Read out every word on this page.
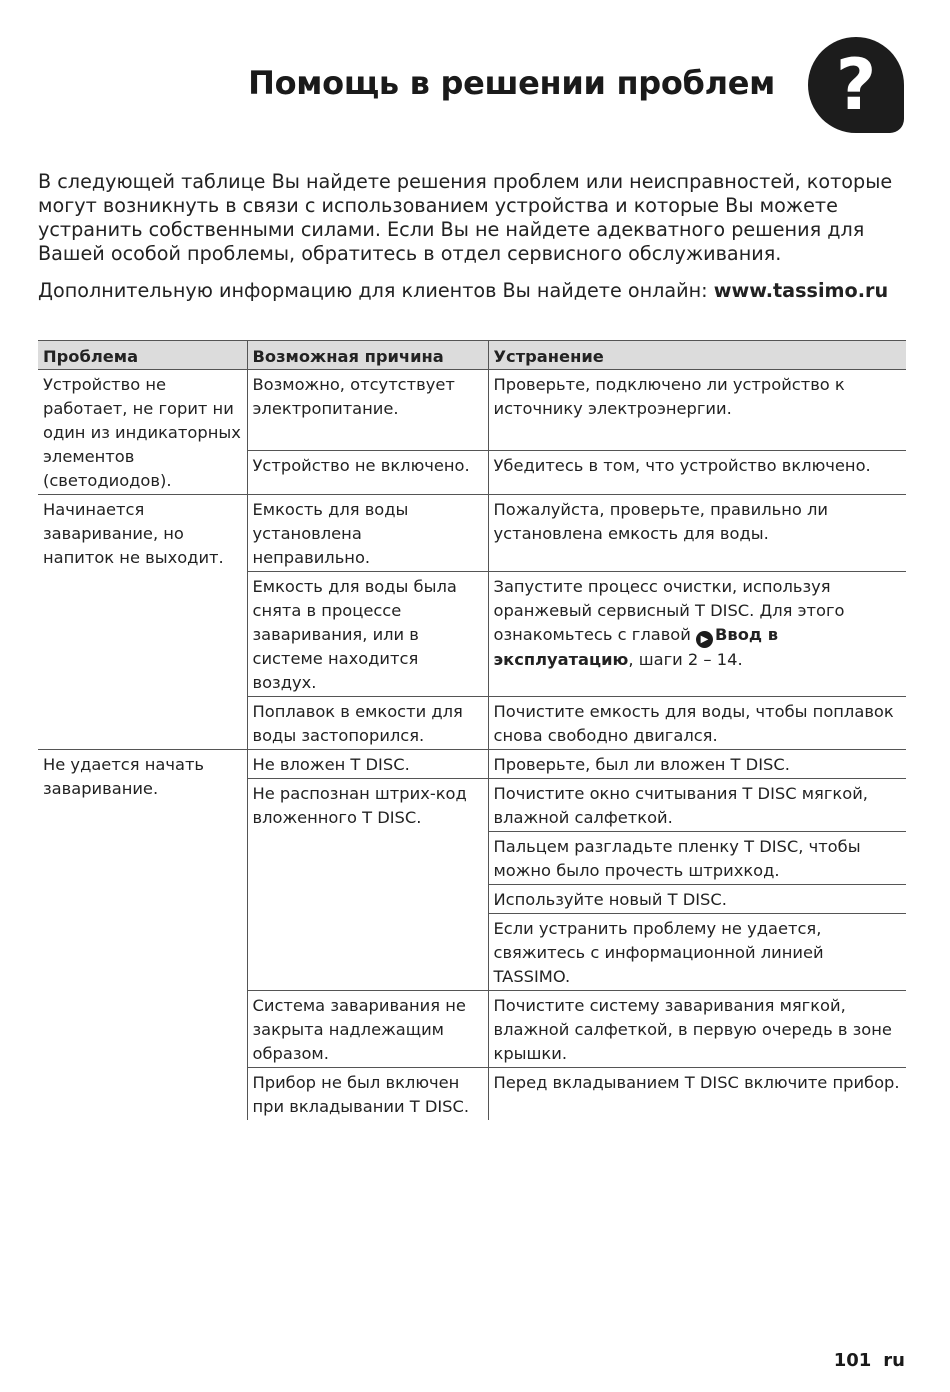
Помощь в решении проблем ?

В следующей таблице Вы найдете решения проблем или неисправностей, которые могут возникнуть в связи с использованием устройства и которые Вы можете устранить собственными силами. Если Вы не найдете адекватного решения для Вашей особой проблемы, обратитесь в отдел сервисного обслуживания.

Дополнительную информацию для клиентов Вы найдете онлайн: www.tassimo.ru
Проблема	Возможная причина	Устранение
Устройство не работает, не горит ни один из индикаторных элементов (светодиодов).	Возможно, отсутствует электропитание.	Проверьте, подключено ли устройство к источнику электроэнергии.
	Устройство не включено.	Убедитесь в том, что устройство включено.
Начинается заваривание, но напиток не выходит.	Емкость для воды установлена неправильно.	Пожалуйста, проверьте, правильно ли установлена емкость для воды.
	Емкость для воды была снята в процессе заваривания, или в системе находится воздух.	Запустите процесс очистки, используя оранжевый сервисный T DISC. Для этого ознакомьтесь с главой ▶ Ввод в эксплуатацию, шаги 2 – 14.
	Поплавок в емкости для воды застопорился.	Почистите емкость для воды, чтобы поплавок снова свободно двигался.
Не удается начать заваривание.	Не вложен T DISC.	Проверьте, был ли вложен T DISC.
	Не распознан штрих-код вложенного T DISC.	Почистите окно считывания T DISC мягкой, влажной салфеткой.
		Пальцем разгладьте пленку T DISC, чтобы можно было прочесть штрихкод.
		Используйте новый T DISC.
		Если устранить проблему не удается, свяжитесь с информационной линией TASSIMO.
	Система заваривания не закрыта надлежащим образом.	Почистите систему заваривания мягкой, влажной салфеткой, в первую очередь в зоне крышки.
	Прибор не был включен при вкладывании T DISC.	Перед вкладыванием T DISC включите прибор.
101 ru
